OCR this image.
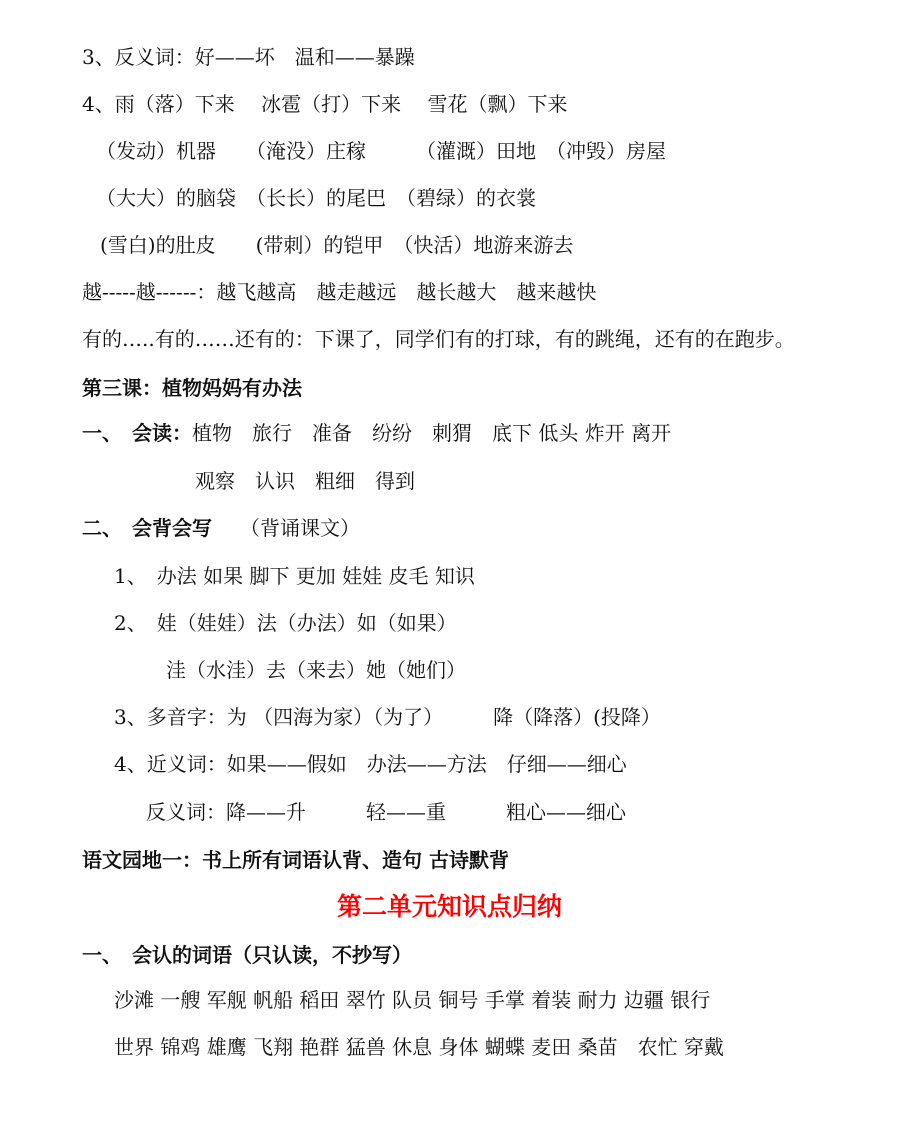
3、反义词：好——坏　温和——暴躁
4、雨（落）下来　 冰雹（打）下来　 雪花（飘）下来
（发动）机器　　（淹没）庄稼　　　（灌溉）田地　（冲毁）房屋
（大大）的脑袋　（长长）的尾巴　（碧绿）的衣裳
(雪白)的肚皮　　(带刺）的铠甲　（快活）地游来游去
越-----越------：越飞越高　越走越远　越长越大　越来越快
有的…..有的……还有的：下课了，同学们有的打球，有的跳绳，还有的在跑步。
第三课：植物妈妈有办法
一、　会读：植物　旅行　准备　纷纷　刺猬　底下 低头 炸开 离开
观察　认识　粗细　得到
二、　会背会写 （背诵课文）
1、　办法 如果 脚下 更加 娃娃 皮毛 知识
2、　娃（娃娃）法（办法）如（如果）
洼（水洼）去（来去）她（她们）
3、多音字：为 （四海为家）（为了）　　　降（降落）(投降）
4、近义词：如果——假如　办法——方法　仔细——细心
反义词：降——升　　　轻——重　　　粗心——细心
语文园地一：书上所有词语认背、造句 古诗默背
第二单元知识点归纳
一、　会认的词语（只认读，不抄写）
沙滩 一艘 军舰 帆船 稻田 翠竹 队员 铜号 手掌 着装 耐力 边疆 银行
世界 锦鸡 雄鹰 飞翔 艳群 猛兽 休息 身体 蝴蝶 麦田 桑苗　农忙 穿戴
